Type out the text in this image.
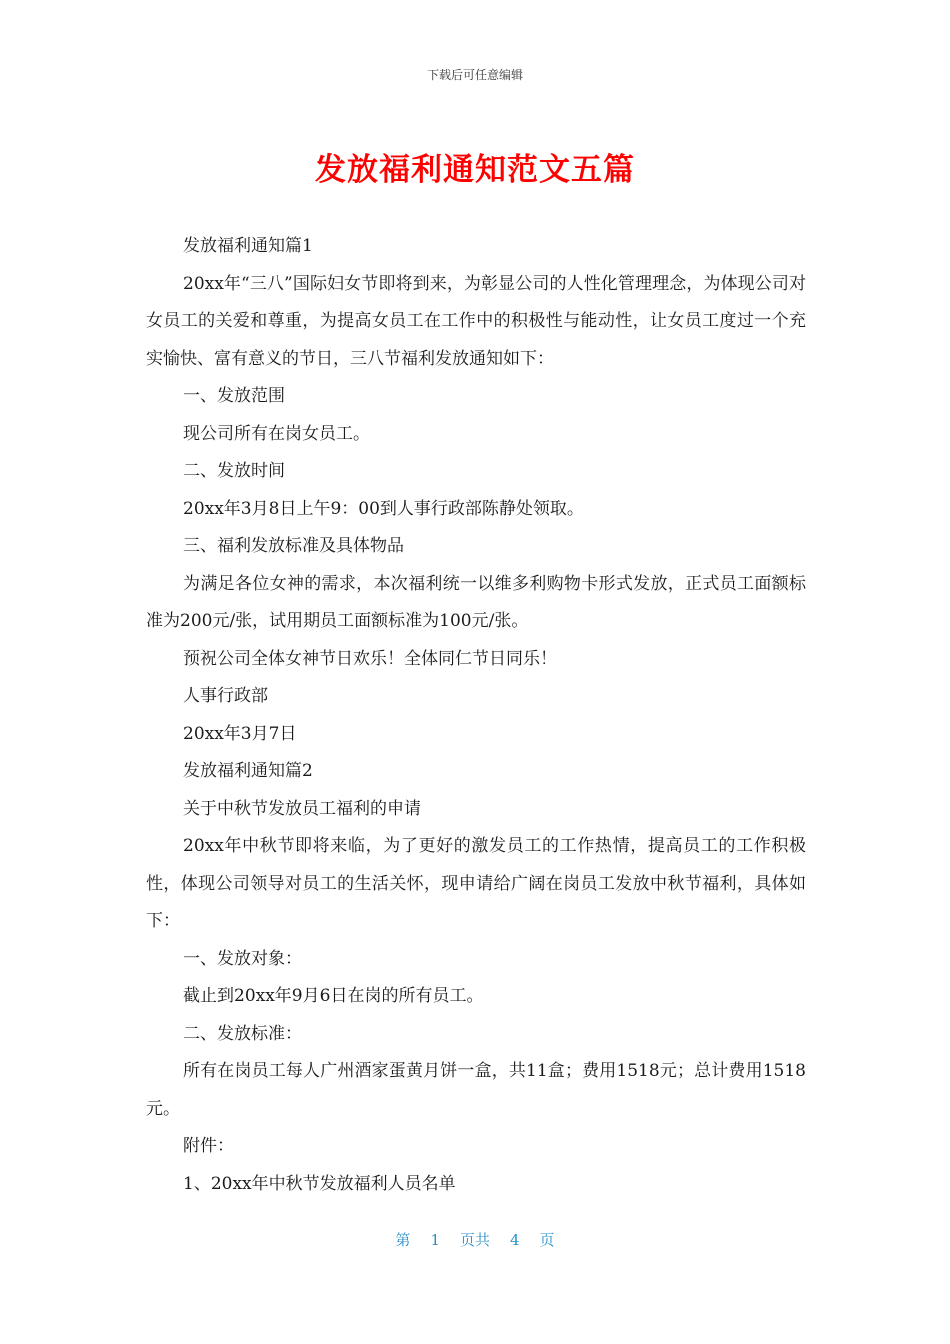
下载后可任意编辑
发放福利通知范文五篇

发放福利通知篇1

20xx年“三八”国际妇女节即将到来，为彰显公司的人性化管理理念，为体现公司对女员工的关爱和尊重，为提高女员工在工作中的积极性与能动性，让女员工度过一个充实愉快、富有意义的节日，三八节福利发放通知如下：

一、发放范围

现公司所有在岗女员工。

二、发放时间

20xx年3月8日上午9：00到人事行政部陈静处领取。

三、福利发放标准及具体物品

为满足各位女神的需求，本次福利统一以维多利购物卡形式发放，正式员工面额标准为200元/张，试用期员工面额标准为100元/张。

预祝公司全体女神节日欢乐！全体同仁节日同乐！

人事行政部

20xx年3月7日

发放福利通知篇2

关于中秋节发放员工福利的申请

20xx年中秋节即将来临，为了更好的激发员工的工作热情，提高员工的工作积极性，体现公司领导对员工的生活关怀，现申请给广阔在岗员工发放中秋节福利，具体如下：

一、发放对象：

截止到20xx年9月6日在岗的所有员工。

二、发放标准：

所有在岗员工每人广州酒家蛋黄月饼一盒，共11盒；费用1518元；总计费用1518元。

附件：

1、20xx年中秋节发放福利人员名单

第 1 页共 4 页
